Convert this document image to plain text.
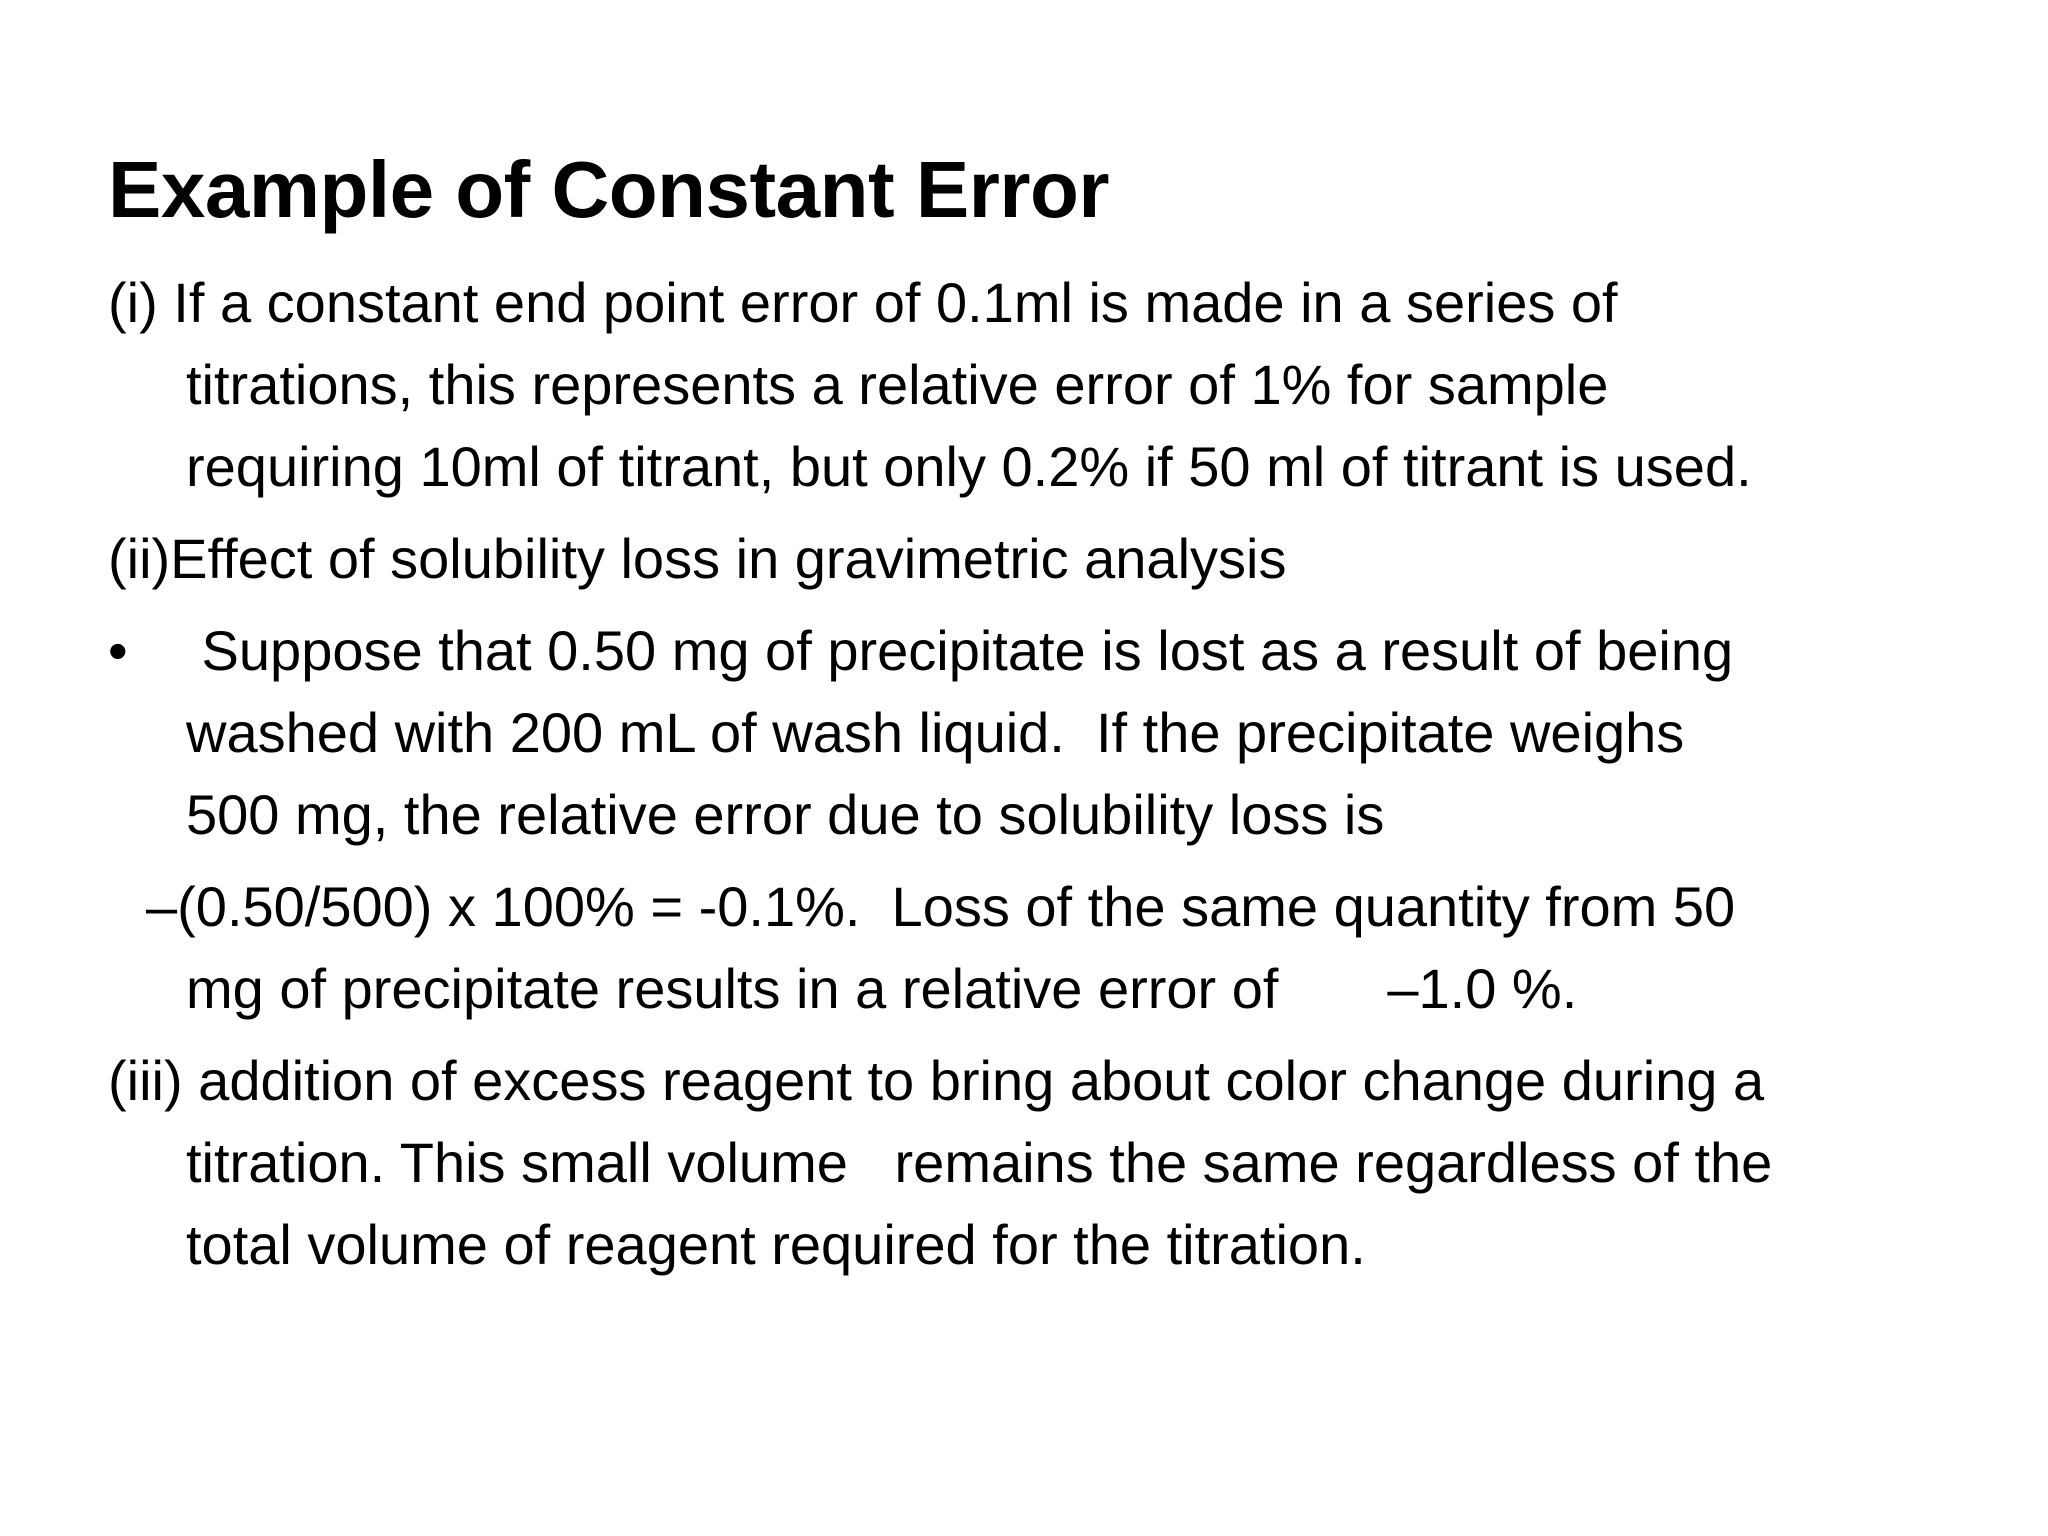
Example of Constant Error
(i) If a constant end point error of 0.1ml is made in a series of
titrations, this represents a relative error of 1% for sample
requiring 10ml of titrant, but only 0.2% if 50 ml of titrant is used.
(ii)Effect of solubility loss in gravimetric analysis
• Suppose that 0.50 mg of precipitate is lost as a result of being
washed with 200 mL of wash liquid.  If the precipitate weighs
500 mg, the relative error due to solubility loss is
–(0.50/500) x 100% = -0.1%.  Loss of the same quantity from 50
mg of precipitate results in a relative error of       –1.0 %.
(iii) addition of excess reagent to bring about color change during a
titration. This small volume   remains the same regardless of the
total volume of reagent required for the titration.
